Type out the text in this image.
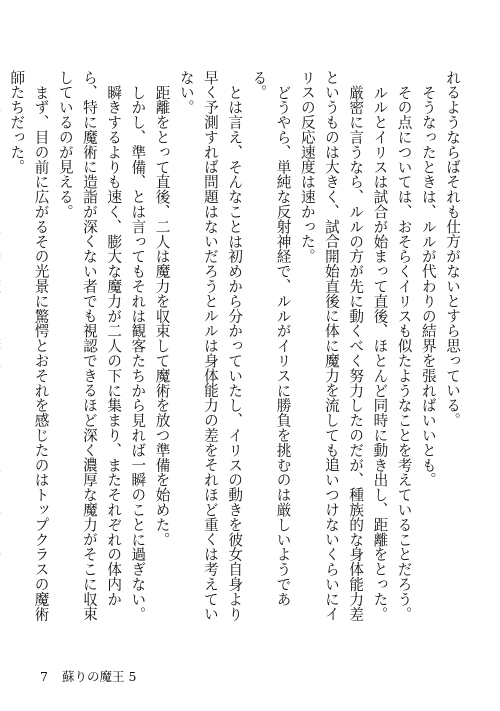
れるようならばそれも仕方がないとすら思っている。

そうなったときは、ルルが代わりの結界を張ればいいとも。

その点については、おそらくイリスも似たようなことを考えていることだろう。

ルルとイリスは試合が始まって直後、ほとんど同時に動き出し、距離をとった。

厳密に言うなら、ルルの方が先に動くべく努力したのだが、種族的な身体能力差というものは大きく、試合開始直後に体に魔力を流しても追いつけないくらいにイリスの反応速度は速かった。

どうやら、単純な反射神経で、ルルがイリスに勝負を挑むのは厳しいようである。

とは言え、そんなことは初めから分かっていたし、イリスの動きを彼女自身より早く予測すれば問題はないだろうとルルは身体能力の差をそれほど重くは考えていない。

距離をとって直後、二人は魔力を収束して魔術を放つ準備を始めた。

しかし、準備、とは言ってもそれは観客たちから見れば一瞬のことに過ぎない。

瞬きするよりも速く、膨大な魔力が二人の下に集まり、またそれぞれの体内から、特に魔術に造詣が深くない者でも視認できるほど深く濃厚な魔力がそこに収束しているのが見える。

まず、目の前に広がるその光景に驚愕とおそれを感じたのはトップクラスの魔術師たちだった。

7 蘇りの魔王 5
